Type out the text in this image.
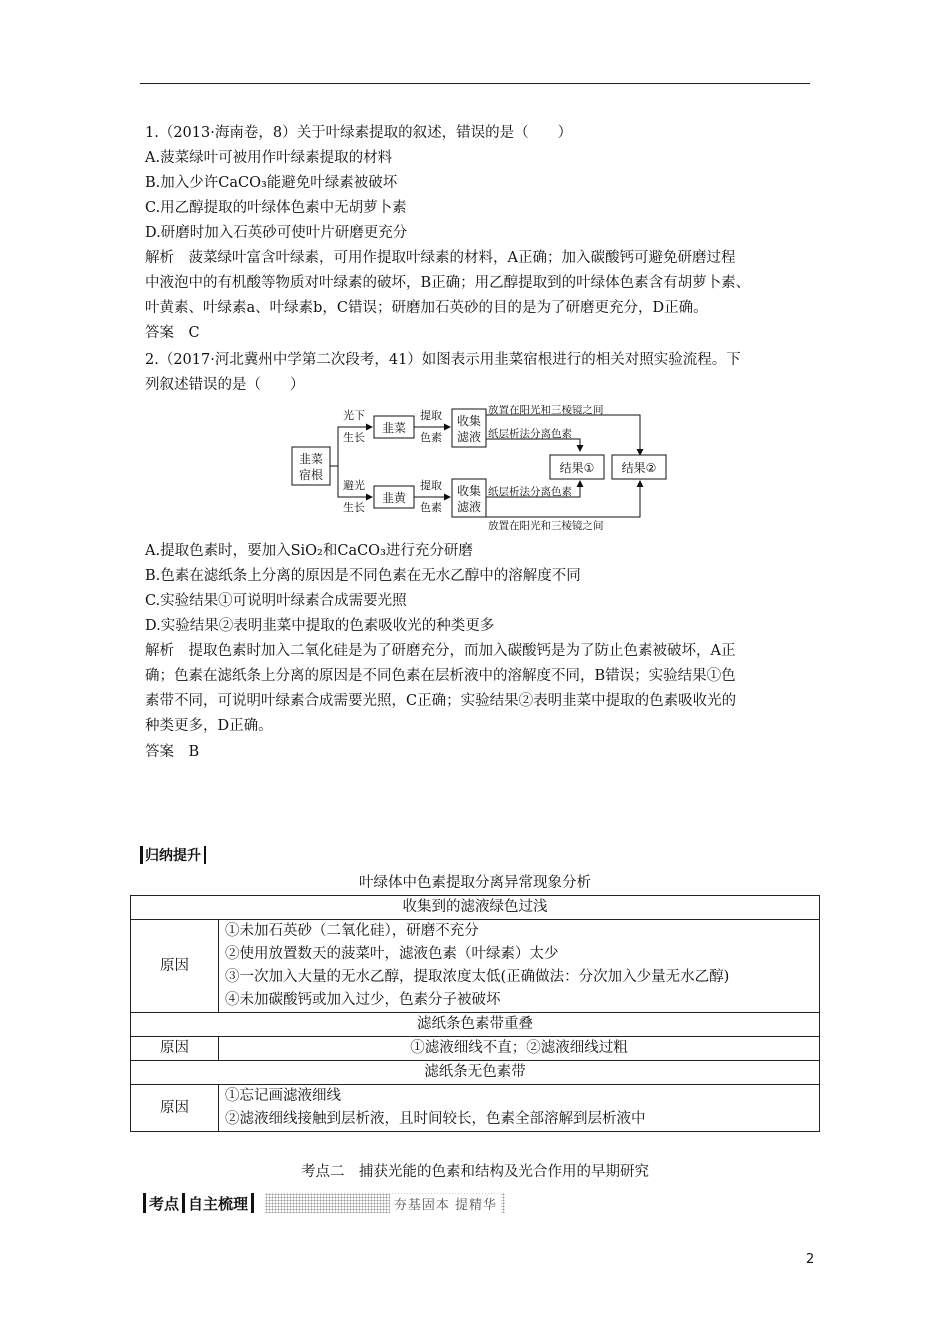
1.（2013·海南卷，8）关于叶绿素提取的叙述，错误的是（　　）
A.菠菜绿叶可被用作叶绿素提取的材料
B.加入少许CaCO₃能避免叶绿素被破坏
C.用乙醇提取的叶绿体色素中无胡萝卜素
D.研磨时加入石英砂可使叶片研磨更充分
解析　菠菜绿叶富含叶绿素，可用作提取叶绿素的材料，A正确；加入碳酸钙可避免研磨过程
中液泡中的有机酸等物质对叶绿素的破坏，B正确；用乙醇提取到的叶绿体色素含有胡萝卜素、
叶黄素、叶绿素a、叶绿素b，C错误；研磨加石英砂的目的是为了研磨更充分，D正确。
答案　C
2.（2017·河北冀州中学第二次段考，41）如图表示用韭菜宿根进行的相关对照实验流程。下
列叙述错误的是（　　）
韭菜
宿根
光下
生长
避光
生长
韭菜
韭黄
提取
色素
提取
色素
收集
滤液
收集
滤液
放置在阳光和三棱镜之间
纸层析法分离色素
纸层析法分离色素
放置在阳光和三棱镜之间
结果① 结果②
A.提取色素时，要加入SiO₂和CaCO₃进行充分研磨
B.色素在滤纸条上分离的原因是不同色素在无水乙醇中的溶解度不同
C.实验结果①可说明叶绿素合成需要光照
D.实验结果②表明韭菜中提取的色素吸收光的种类更多
解析　提取色素时加入二氧化硅是为了研磨充分，而加入碳酸钙是为了防止色素被破坏，A正
确；色素在滤纸条上分离的原因是不同色素在层析液中的溶解度不同，B错误；实验结果①色
素带不同，可说明叶绿素合成需要光照，C正确；实验结果②表明韭菜中提取的色素吸收光的
种类更多，D正确。
答案　B
归纳提升
叶绿体中色素提取分离异常现象分析
收集到的滤液绿色过浅	
原因	①未加石英砂（二氧化硅），研磨不充分
②使用放置数天的菠菜叶，滤液色素（叶绿素）太少
③一次加入大量的无水乙醇，提取浓度太低(正确做法：分次加入少量无水乙醇)
④未加碳酸钙或加入过少，色素分子被破坏

滤纸条色素带重叠	
原因	①滤液细线不直；②滤液细线过粗
滤纸条无色素带	
原因	①忘记画滤液细线
②滤液细线接触到层析液，且时间较长，色素全部溶解到层析液中
考点二　捕获光能的色素和结构及光合作用的早期研究
考点 自主梳理	夯基固本 提精华
2
